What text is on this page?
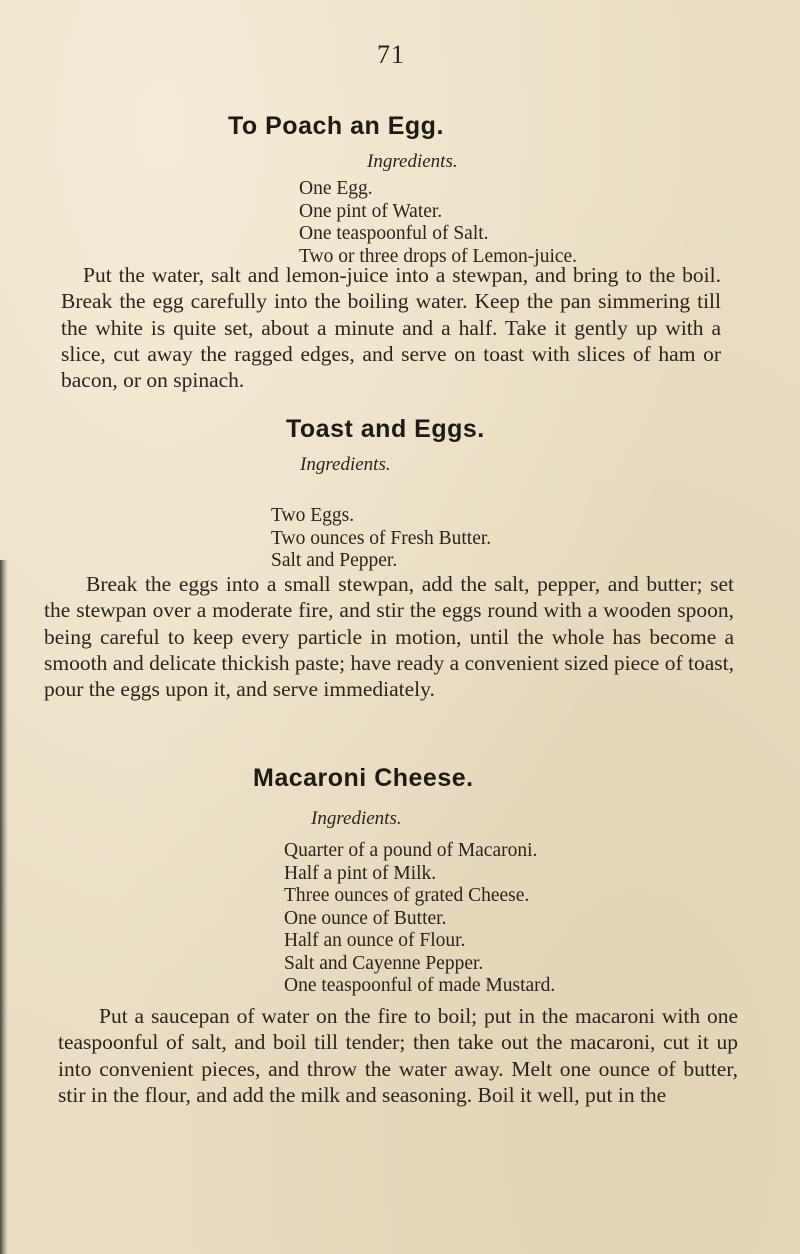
71
To Poach an Egg.
Ingredients.
One Egg.
One pint of Water.
One teaspoonful of Salt.
Two or three drops of Lemon-juice.

Put the water, salt and lemon-juice into a stewpan, and bring to the boil. Break the egg carefully into the boiling water. Keep the pan simmering till the white is quite set, about a minute and a half. Take it gently up with a slice, cut away the ragged edges, and serve on toast with slices of ham or bacon, or on spinach.

Toast and Eggs.
Ingredients.
Two Eggs.
Two ounces of Fresh Butter.
Salt and Pepper.

Break the eggs into a small stewpan, add the salt, pepper, and butter; set the stewpan over a moderate fire, and stir the eggs round with a wooden spoon, being careful to keep every particle in motion, until the whole has become a smooth and delicate thickish paste; have ready a convenient sized piece of toast, pour the eggs upon it, and serve immediately.

Macaroni Cheese.
Ingredients.
Quarter of a pound of Macaroni.
Half a pint of Milk.
Three ounces of grated Cheese.
One ounce of Butter.
Half an ounce of Flour.
Salt and Cayenne Pepper.
One teaspoonful of made Mustard.

Put a saucepan of water on the fire to boil; put in the macaroni with one teaspoonful of salt, and boil till tender; then take out the macaroni, cut it up into convenient pieces, and throw the water away. Melt one ounce of butter, stir in the flour, and add the milk and seasoning. Boil it well, put in the
